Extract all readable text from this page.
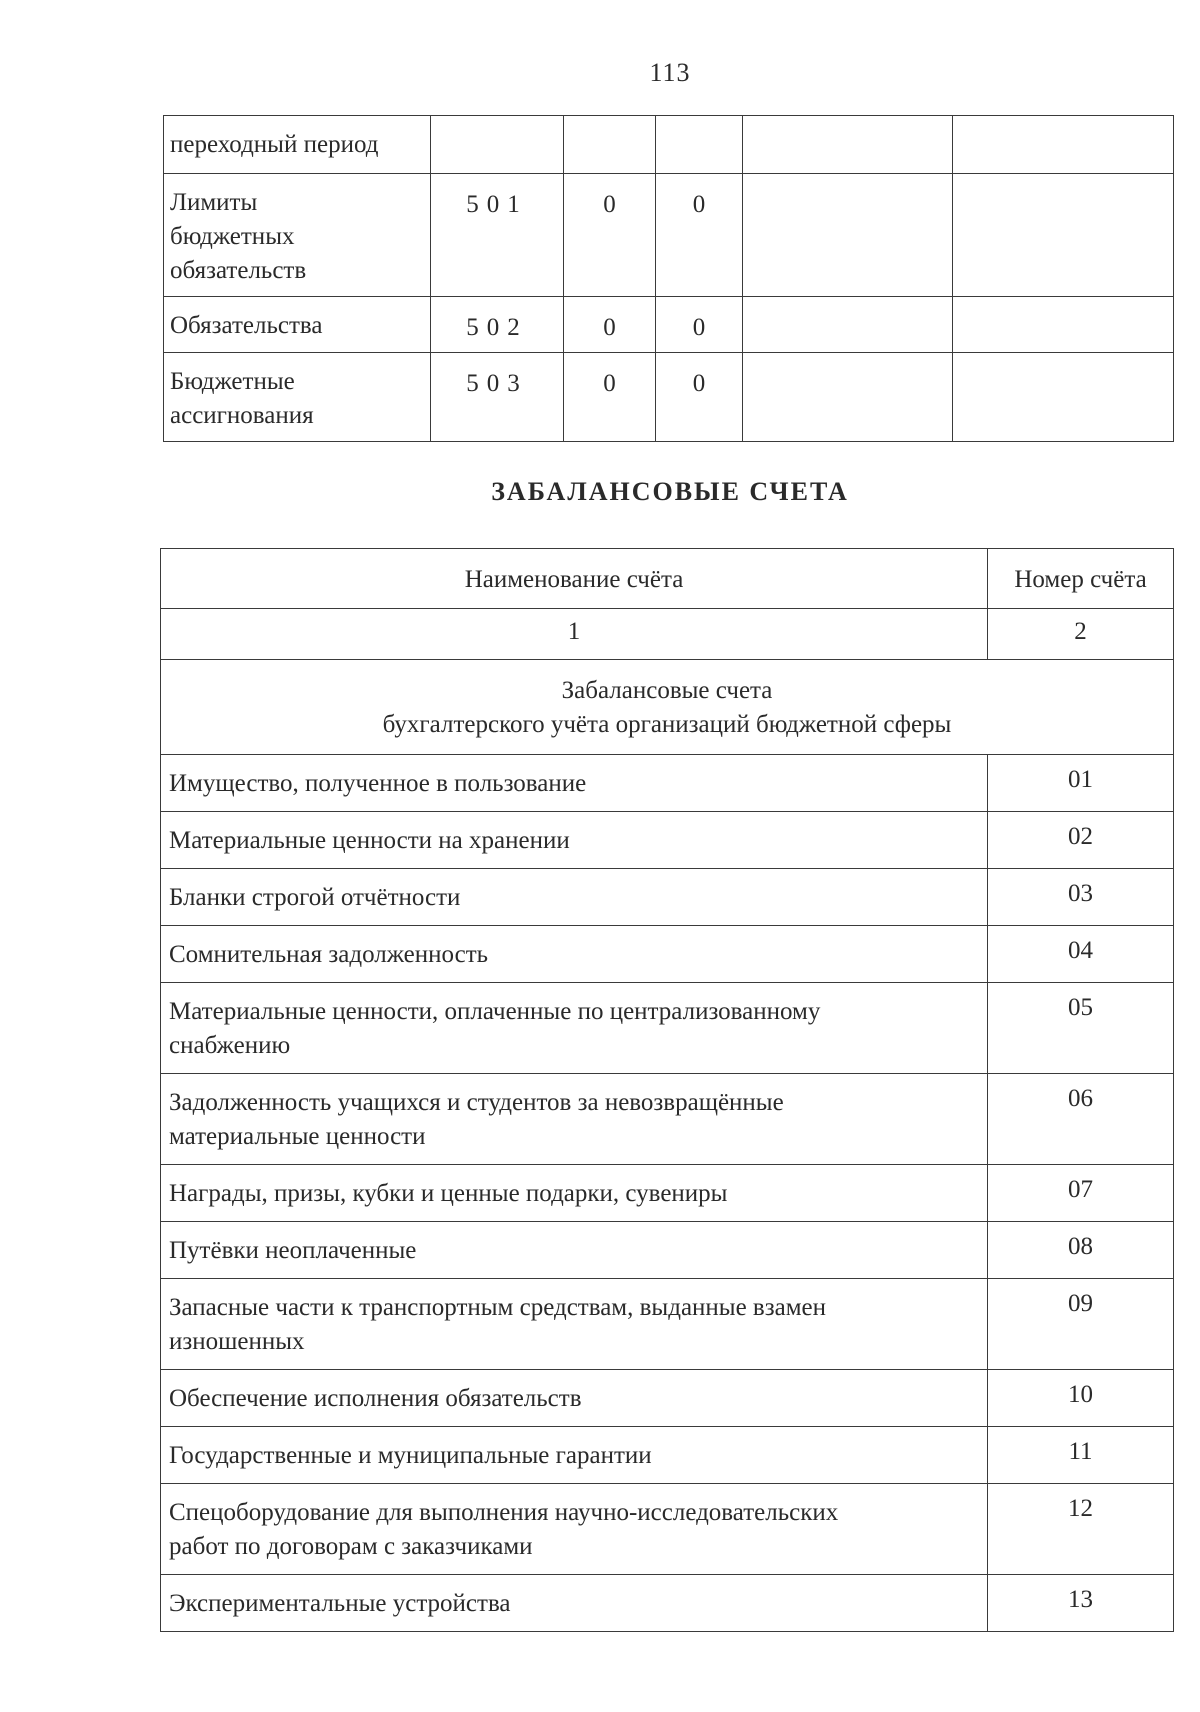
113
переходный период					

Лимиты
бюджетных
обязательств	501	0	0		

Обязательства	502	0	0		

Бюджетные
ассигнования	503	0	0		
ЗАБАЛАНСОВЫЕ СЧЕТА
Наименование счёта	Номер счёта
1	2

Забалансовые счета
бухгалтерского учёта организаций бюджетной сферы	

Имущество, полученное в пользование	01

Материальные ценности на хранении	02

Бланки строгой отчётности	03

Сомнительная задолженность	04

Материальные ценности, оплаченные по централизованному
снабжению	05

Задолженность учащихся и студентов за невозвращённые
материальные ценности	06

Награды, призы, кубки и ценные подарки, сувениры	07

Путёвки неоплаченные	08

Запасные части к транспортным средствам, выданные взамен
изношенных	09

Обеспечение исполнения обязательств	10

Государственные и муниципальные гарантии	11

Спецоборудование для выполнения научно-исследовательских
работ по договорам с заказчиками	12

Экспериментальные устройства	13
